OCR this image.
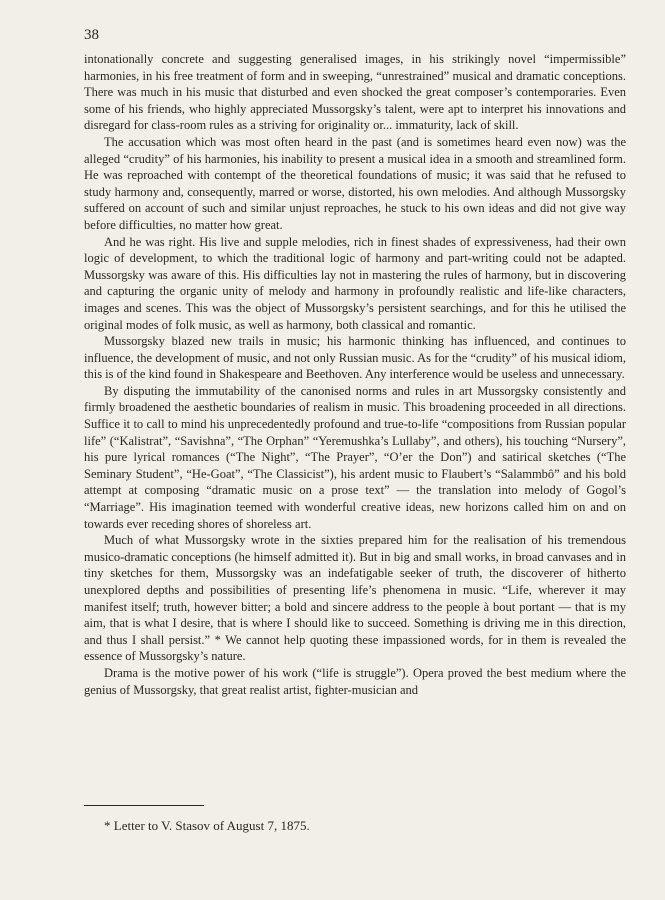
38

intonationally concrete and suggesting generalised images, in his strikingly novel “impermissible” harmonies, in his free treatment of form and in sweeping, “unrestrained” musical and dramatic conceptions. There was much in his music that disturbed and even shocked the great composer’s contemporaries. Even some of his friends, who highly appreciated Mussorgsky’s talent, were apt to interpret his innovations and disregard for class-room rules as a striving for originality or... immaturity, lack of skill.

The accusation which was most often heard in the past (and is sometimes heard even now) was the alleged “crudity” of his harmonies, his inability to present a musical idea in a smooth and streamlined form. He was reproached with contempt of the theoretical foundations of music; it was said that he refused to study harmony and, consequently, marred or worse, distorted, his own melodies. And although Mussorgsky suffered on account of such and similar unjust reproaches, he stuck to his own ideas and did not give way before difficulties, no matter how great.

And he was right. His live and supple melodies, rich in finest shades of expressiveness, had their own logic of development, to which the traditional logic of harmony and part-writing could not be adapted. Mussorgsky was aware of this. His difficulties lay not in mastering the rules of harmony, but in discovering and capturing the organic unity of melody and harmony in profoundly realistic and life-like characters, images and scenes. This was the object of Mussorgsky’s persistent searchings, and for this he utilised the original modes of folk music, as well as harmony, both classical and romantic.

Mussorgsky blazed new trails in music; his harmonic thinking has influenced, and continues to influence, the development of music, and not only Russian music. As for the “crudity” of his musical idiom, this is of the kind found in Shakespeare and Beethoven. Any interference would be useless and unnecessary.

By disputing the immutability of the canonised norms and rules in art Mussorgsky consistently and firmly broadened the aesthetic boundaries of realism in music. This broadening proceeded in all directions. Suffice it to call to mind his unprecedentedly profound and true-to-life “compositions from Russian popular life” (“Kalistrat”, “Savishna”, “The Orphan” “Yeremushka’s Lullaby”, and others), his touching “Nursery”, his pure lyrical romances (“The Night”, “The Prayer”, “O’er the Don”) and satirical sketches (“The Seminary Student”, “He-Goat”, “The Classicist”), his ardent music to Flaubert’s “Salammbô” and his bold attempt at composing “dramatic music on a prose text” — the translation into melody of Gogol’s “Marriage”. His imagination teemed with wonderful creative ideas, new horizons called him on and on towards ever receding shores of shoreless art.

Much of what Mussorgsky wrote in the sixties prepared him for the realisation of his tremendous musico-dramatic conceptions (he himself admitted it). But in big and small works, in broad canvases and in tiny sketches for them, Mussorgsky was an indefatigable seeker of truth, the discoverer of hitherto unexplored depths and possibilities of presenting life’s phenomena in music. “Life, wherever it may manifest itself; truth, however bitter; a bold and sincere address to the people à bout portant — that is my aim, that is what I desire, that is where I should like to succeed. Something is driving me in this direction, and thus I shall persist.” * We cannot help quoting these impassioned words, for in them is revealed the essence of Mussorgsky’s nature.

Drama is the motive power of his work (“life is struggle”). Opera proved the best medium where the genius of Mussorgsky, that great realist artist, fighter-musician and

* Letter to V. Stasov of August 7, 1875.
